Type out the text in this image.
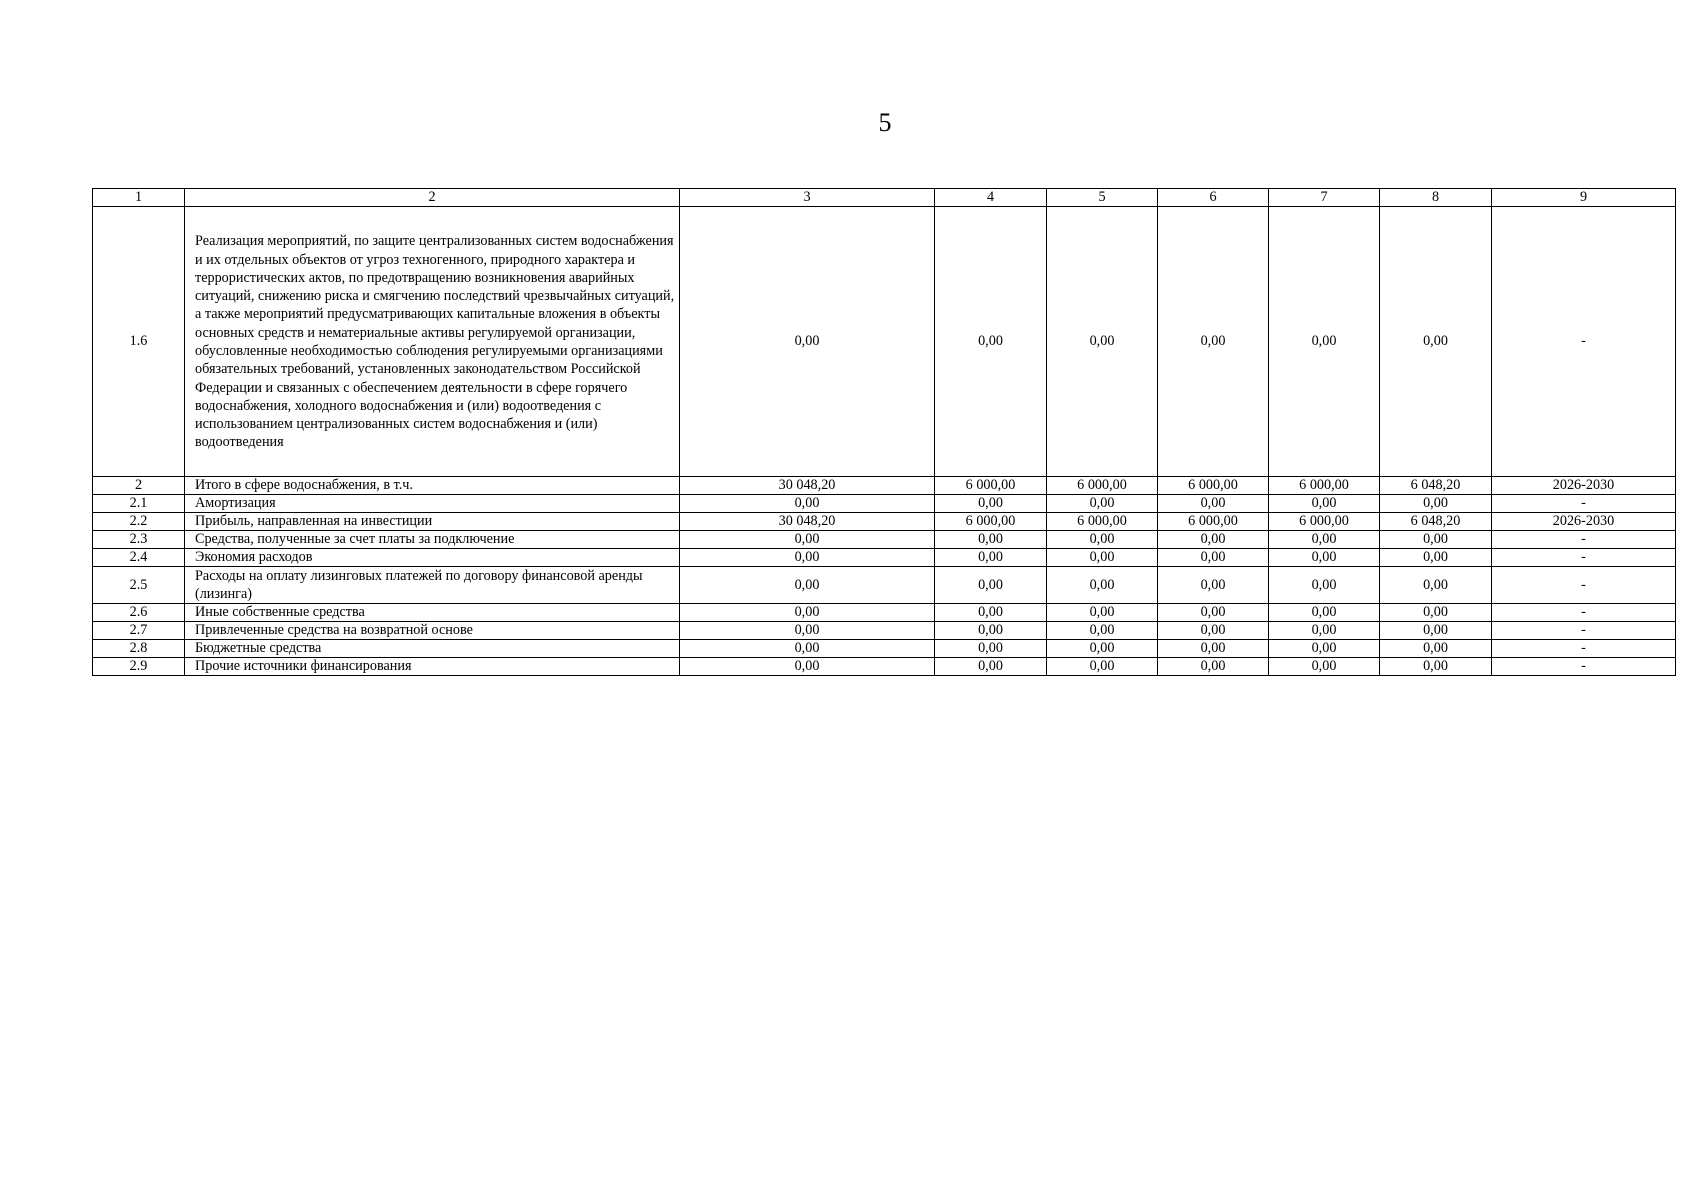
5
1	2	3	4	5	6	7	8	9
1.6	Реализация мероприятий, по защите централизованных систем водоснабжения и их отдельных объектов от угроз техногенного, природного характера и террористических актов, по предотвращению возникновения аварийных ситуаций, снижению риска и смягчению последствий чрезвычайных ситуаций, а также мероприятий предусматривающих капитальные вложения в объекты основных средств и нематериальные активы регулируемой организации, обусловленные необходимостью соблюдения регулируемыми организациями обязательных требований, установленных законодательством Российской Федерации и связанных с обеспечением деятельности в сфере горячего водоснабжения, холодного водоснабжения и (или) водоотведения с использованием централизованных систем водоснабжения и (или) водоотведения	0,00	0,00	0,00	0,00	0,00	0,00	-
2	Итого в сфере водоснабжения, в т.ч.	30 048,20	6 000,00	6 000,00	6 000,00	6 000,00	6 048,20	2026-2030
2.1	Амортизация	0,00	0,00	0,00	0,00	0,00	0,00	-
2.2	Прибыль, направленная на инвестиции	30 048,20	6 000,00	6 000,00	6 000,00	6 000,00	6 048,20	2026-2030
2.3	Средства, полученные за счет платы за подключение	0,00	0,00	0,00	0,00	0,00	0,00	-
2.4	Экономия расходов	0,00	0,00	0,00	0,00	0,00	0,00	-
2.5	Расходы на оплату лизинговых платежей по договору финансовой аренды (лизинга)	0,00	0,00	0,00	0,00	0,00	0,00	-
2.6	Иные собственные средства	0,00	0,00	0,00	0,00	0,00	0,00	-
2.7	Привлеченные средства на возвратной основе	0,00	0,00	0,00	0,00	0,00	0,00	-
2.8	Бюджетные средства	0,00	0,00	0,00	0,00	0,00	0,00	-
2.9	Прочие источники финансирования	0,00	0,00	0,00	0,00	0,00	0,00	-
